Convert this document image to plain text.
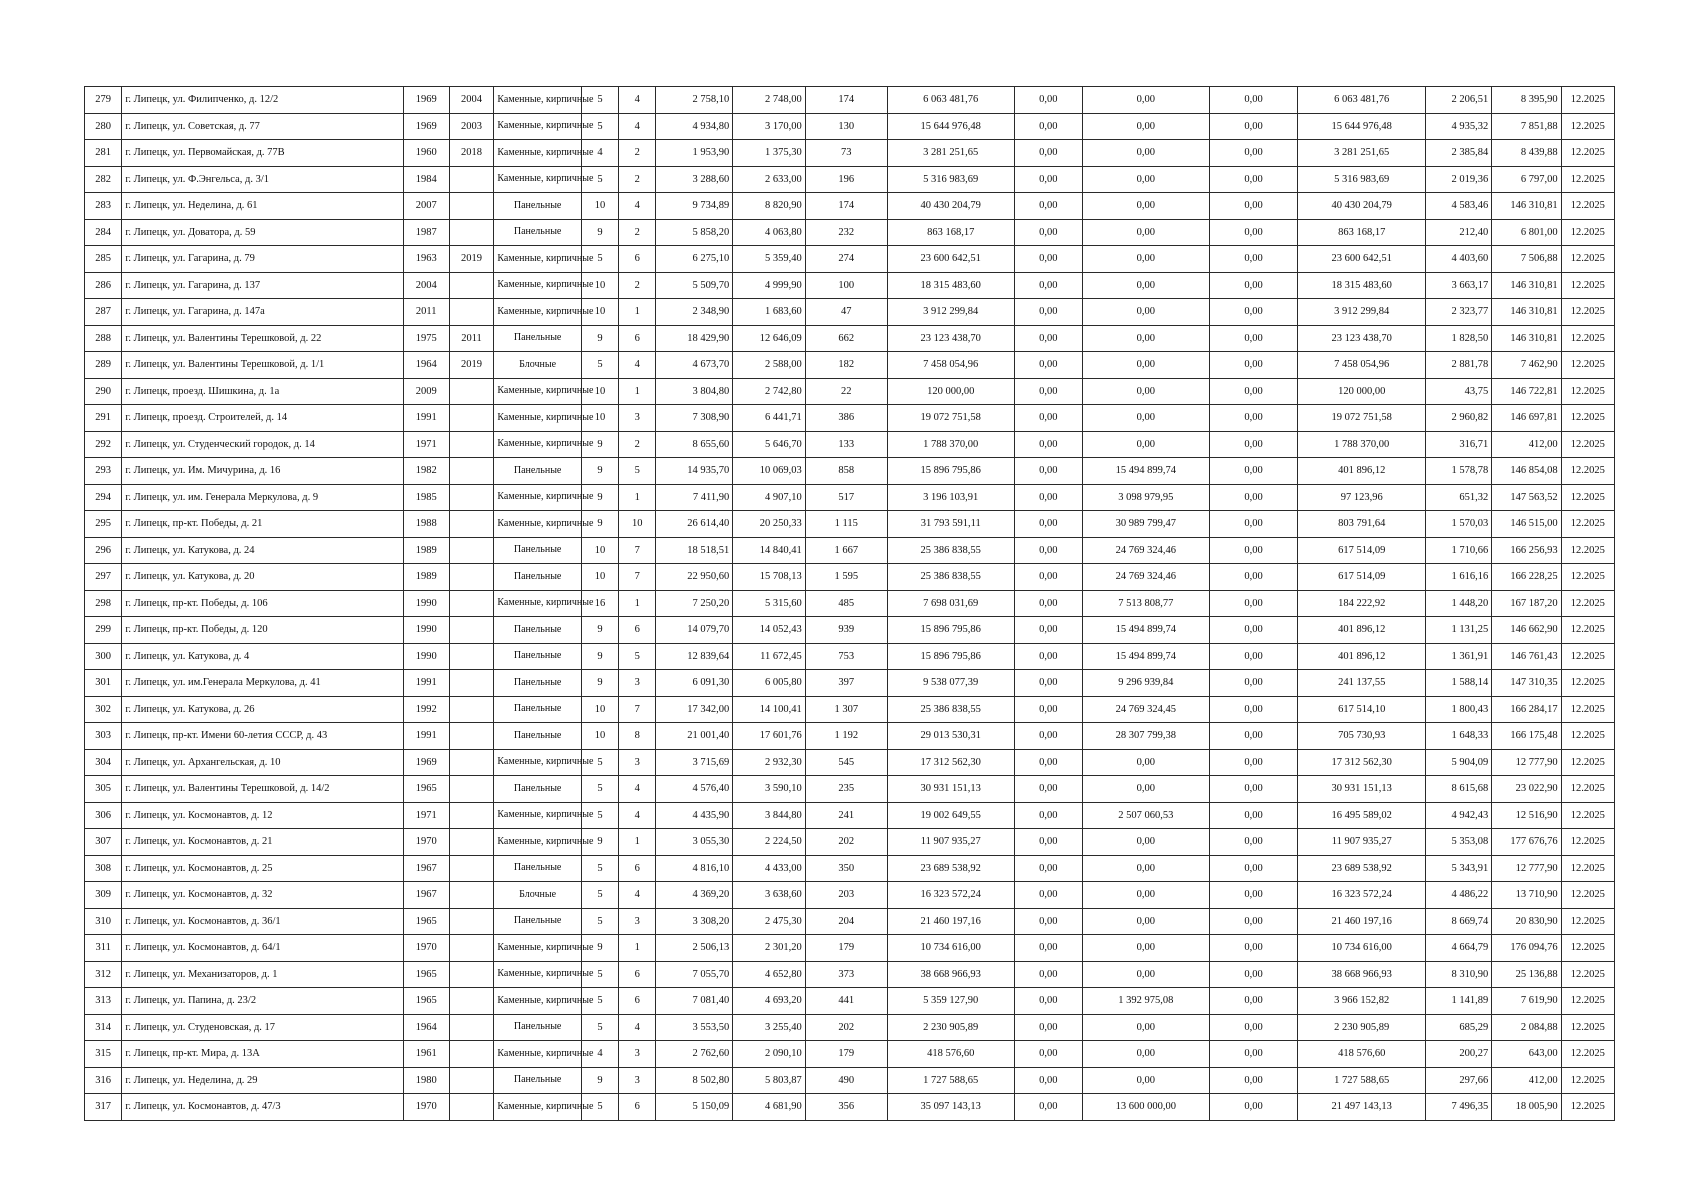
279	г. Липецк, ул. Филипченко, д. 12/2	1969	2004	Каменные, кирпичные	5	4	2 758,10	2 748,00	174	6 063 481,76	0,00	0,00	0,00	6 063 481,76	2 206,51	8 395,90	12.2025
280	г. Липецк, ул. Советская, д. 77	1969	2003	Каменные, кирпичные	5	4	4 934,80	3 170,00	130	15 644 976,48	0,00	0,00	0,00	15 644 976,48	4 935,32	7 851,88	12.2025
281	г. Липецк, ул. Первомайская, д. 77В	1960	2018	Каменные, кирпичные	4	2	1 953,90	1 375,30	73	3 281 251,65	0,00	0,00	0,00	3 281 251,65	2 385,84	8 439,88	12.2025
282	г. Липецк, ул. Ф.Энгельса, д. 3/1	1984		Каменные, кирпичные	5	2	3 288,60	2 633,00	196	5 316 983,69	0,00	0,00	0,00	5 316 983,69	2 019,36	6 797,00	12.2025
283	г. Липецк, ул. Неделина, д. 61	2007		Панельные	10	4	9 734,89	8 820,90	174	40 430 204,79	0,00	0,00	0,00	40 430 204,79	4 583,46	146 310,81	12.2025
284	г. Липецк, ул. Доватора, д. 59	1987		Панельные	9	2	5 858,20	4 063,80	232	863 168,17	0,00	0,00	0,00	863 168,17	212,40	6 801,00	12.2025
285	г. Липецк, ул. Гагарина, д. 79	1963	2019	Каменные, кирпичные	5	6	6 275,10	5 359,40	274	23 600 642,51	0,00	0,00	0,00	23 600 642,51	4 403,60	7 506,88	12.2025
286	г. Липецк, ул. Гагарина, д. 137	2004		Каменные, кирпичные	10	2	5 509,70	4 999,90	100	18 315 483,60	0,00	0,00	0,00	18 315 483,60	3 663,17	146 310,81	12.2025
287	г. Липецк, ул. Гагарина, д. 147а	2011		Каменные, кирпичные	10	1	2 348,90	1 683,60	47	3 912 299,84	0,00	0,00	0,00	3 912 299,84	2 323,77	146 310,81	12.2025
288	г. Липецк, ул. Валентины Терешковой, д. 22	1975	2011	Панельные	9	6	18 429,90	12 646,09	662	23 123 438,70	0,00	0,00	0,00	23 123 438,70	1 828,50	146 310,81	12.2025
289	г. Липецк, ул. Валентины Терешковой, д. 1/1	1964	2019	Блочные	5	4	4 673,70	2 588,00	182	7 458 054,96	0,00	0,00	0,00	7 458 054,96	2 881,78	7 462,90	12.2025
290	г. Липецк, проезд. Шишкина, д. 1а	2009		Каменные, кирпичные	10	1	3 804,80	2 742,80	22	120 000,00	0,00	0,00	0,00	120 000,00	43,75	146 722,81	12.2025
291	г. Липецк, проезд. Строителей, д. 14	1991		Каменные, кирпичные	10	3	7 308,90	6 441,71	386	19 072 751,58	0,00	0,00	0,00	19 072 751,58	2 960,82	146 697,81	12.2025
292	г. Липецк, ул. Студенческий городок, д. 14	1971		Каменные, кирпичные	9	2	8 655,60	5 646,70	133	1 788 370,00	0,00	0,00	0,00	1 788 370,00	316,71	412,00	12.2025
293	г. Липецк, ул. Им. Мичурина, д. 16	1982		Панельные	9	5	14 935,70	10 069,03	858	15 896 795,86	0,00	15 494 899,74	0,00	401 896,12	1 578,78	146 854,08	12.2025
294	г. Липецк, ул. им. Генерала Меркулова, д. 9	1985		Каменные, кирпичные	9	1	7 411,90	4 907,10	517	3 196 103,91	0,00	3 098 979,95	0,00	97 123,96	651,32	147 563,52	12.2025
295	г. Липецк, пр-кт. Победы, д. 21	1988		Каменные, кирпичные	9	10	26 614,40	20 250,33	1 115	31 793 591,11	0,00	30 989 799,47	0,00	803 791,64	1 570,03	146 515,00	12.2025
296	г. Липецк, ул. Катукова, д. 24	1989		Панельные	10	7	18 518,51	14 840,41	1 667	25 386 838,55	0,00	24 769 324,46	0,00	617 514,09	1 710,66	166 256,93	12.2025
297	г. Липецк, ул. Катукова, д. 20	1989		Панельные	10	7	22 950,60	15 708,13	1 595	25 386 838,55	0,00	24 769 324,46	0,00	617 514,09	1 616,16	166 228,25	12.2025
298	г. Липецк, пр-кт. Победы, д. 106	1990		Каменные, кирпичные	16	1	7 250,20	5 315,60	485	7 698 031,69	0,00	7 513 808,77	0,00	184 222,92	1 448,20	167 187,20	12.2025
299	г. Липецк, пр-кт. Победы, д. 120	1990		Панельные	9	6	14 079,70	14 052,43	939	15 896 795,86	0,00	15 494 899,74	0,00	401 896,12	1 131,25	146 662,90	12.2025
300	г. Липецк, ул. Катукова, д. 4	1990		Панельные	9	5	12 839,64	11 672,45	753	15 896 795,86	0,00	15 494 899,74	0,00	401 896,12	1 361,91	146 761,43	12.2025
301	г. Липецк, ул. им.Генерала Меркулова, д. 41	1991		Панельные	9	3	6 091,30	6 005,80	397	9 538 077,39	0,00	9 296 939,84	0,00	241 137,55	1 588,14	147 310,35	12.2025
302	г. Липецк, ул. Катукова, д. 26	1992		Панельные	10	7	17 342,00	14 100,41	1 307	25 386 838,55	0,00	24 769 324,45	0,00	617 514,10	1 800,43	166 284,17	12.2025
303	г. Липецк, пр-кт. Имени 60-летия СССР, д. 43	1991		Панельные	10	8	21 001,40	17 601,76	1 192	29 013 530,31	0,00	28 307 799,38	0,00	705 730,93	1 648,33	166 175,48	12.2025
304	г. Липецк, ул. Архангельская, д. 10	1969		Каменные, кирпичные	5	3	3 715,69	2 932,30	545	17 312 562,30	0,00	0,00	0,00	17 312 562,30	5 904,09	12 777,90	12.2025
305	г. Липецк, ул. Валентины Терешковой, д. 14/2	1965		Панельные	5	4	4 576,40	3 590,10	235	30 931 151,13	0,00	0,00	0,00	30 931 151,13	8 615,68	23 022,90	12.2025
306	г. Липецк, ул. Космонавтов, д. 12	1971		Каменные, кирпичные	5	4	4 435,90	3 844,80	241	19 002 649,55	0,00	2 507 060,53	0,00	16 495 589,02	4 942,43	12 516,90	12.2025
307	г. Липецк, ул. Космонавтов, д. 21	1970		Каменные, кирпичные	9	1	3 055,30	2 224,50	202	11 907 935,27	0,00	0,00	0,00	11 907 935,27	5 353,08	177 676,76	12.2025
308	г. Липецк, ул. Космонавтов, д. 25	1967		Панельные	5	6	4 816,10	4 433,00	350	23 689 538,92	0,00	0,00	0,00	23 689 538,92	5 343,91	12 777,90	12.2025
309	г. Липецк, ул. Космонавтов, д. 32	1967		Блочные	5	4	4 369,20	3 638,60	203	16 323 572,24	0,00	0,00	0,00	16 323 572,24	4 486,22	13 710,90	12.2025
310	г. Липецк, ул. Космонавтов, д. 36/1	1965		Панельные	5	3	3 308,20	2 475,30	204	21 460 197,16	0,00	0,00	0,00	21 460 197,16	8 669,74	20 830,90	12.2025
311	г. Липецк, ул. Космонавтов, д. 64/1	1970		Каменные, кирпичные	9	1	2 506,13	2 301,20	179	10 734 616,00	0,00	0,00	0,00	10 734 616,00	4 664,79	176 094,76	12.2025
312	г. Липецк, ул. Механизаторов, д. 1	1965		Каменные, кирпичные	5	6	7 055,70	4 652,80	373	38 668 966,93	0,00	0,00	0,00	38 668 966,93	8 310,90	25 136,88	12.2025
313	г. Липецк, ул. Папина, д. 23/2	1965		Каменные, кирпичные	5	6	7 081,40	4 693,20	441	5 359 127,90	0,00	1 392 975,08	0,00	3 966 152,82	1 141,89	7 619,90	12.2025
314	г. Липецк, ул. Студеновская, д. 17	1964		Панельные	5	4	3 553,50	3 255,40	202	2 230 905,89	0,00	0,00	0,00	2 230 905,89	685,29	2 084,88	12.2025
315	г. Липецк, пр-кт. Мира, д. 13А	1961		Каменные, кирпичные	4	3	2 762,60	2 090,10	179	418 576,60	0,00	0,00	0,00	418 576,60	200,27	643,00	12.2025
316	г. Липецк, ул. Неделина, д. 29	1980		Панельные	9	3	8 502,80	5 803,87	490	1 727 588,65	0,00	0,00	0,00	1 727 588,65	297,66	412,00	12.2025
317	г. Липецк, ул. Космонавтов, д. 47/3	1970		Каменные, кирпичные	5	6	5 150,09	4 681,90	356	35 097 143,13	0,00	13 600 000,00	0,00	21 497 143,13	7 496,35	18 005,90	12.2025
